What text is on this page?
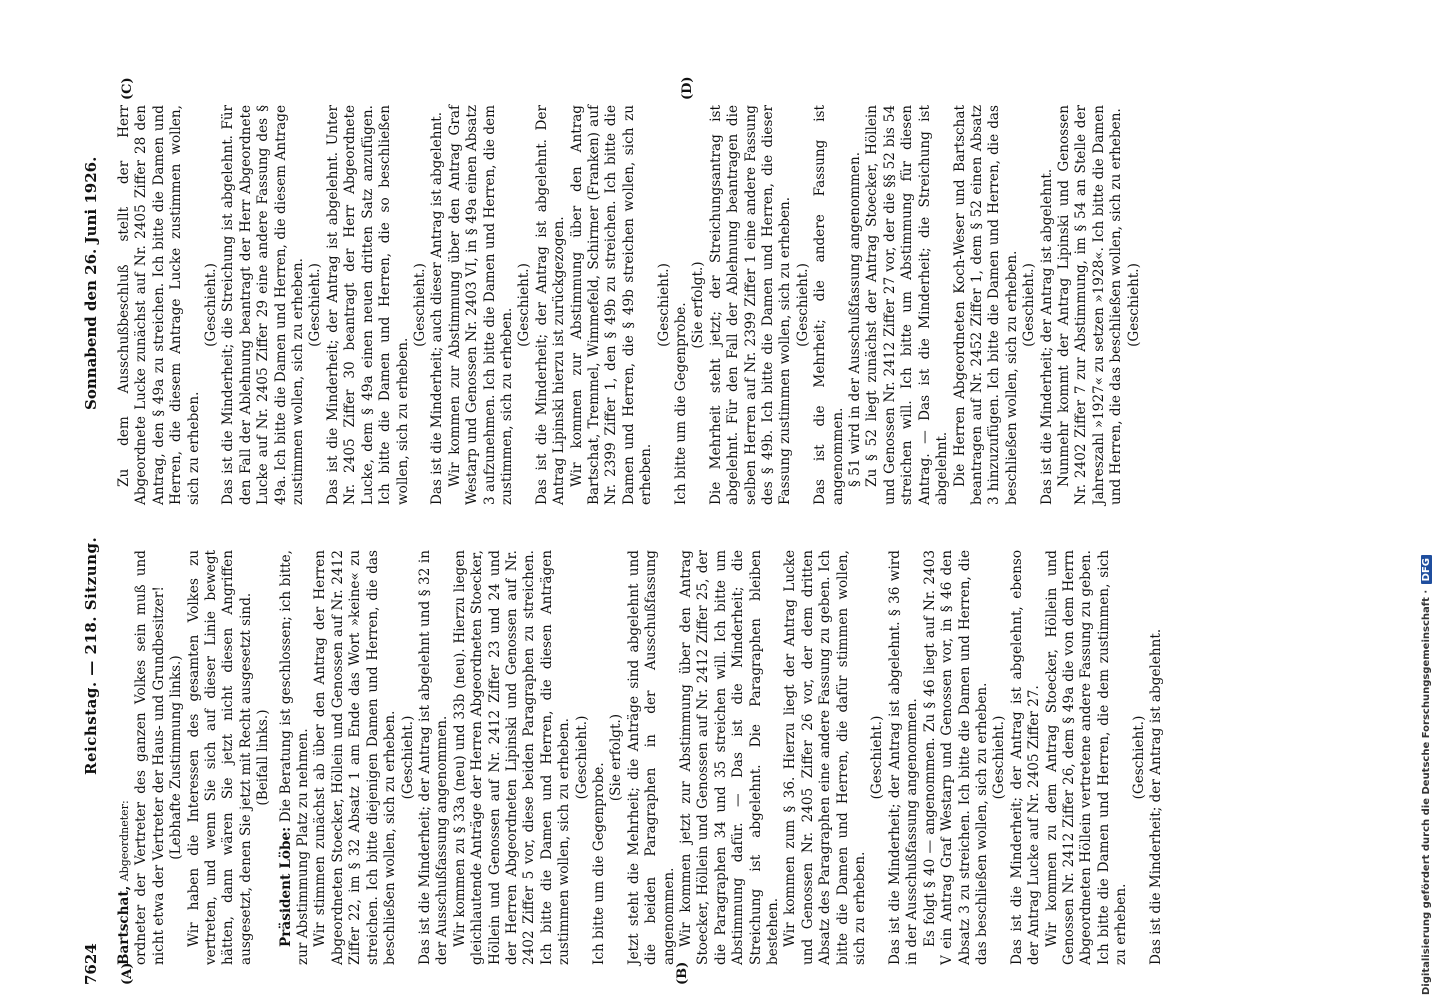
7624
Reichstag. — 218. Sitzung.
Sonnabend den 26. Juni 1926.
(A)	(B)
(C)	(D)

Bartschat, Abgeordneter: ordneter der Vertreter des ganzen Volkes sein muß und nicht etwa der Vertreter der Haus- und Grundbesitzer! (Lebhafte Zustimmung links.) Wir haben die Interessen des gesamten Volkes zu vertreten, und wenn Sie sich auf dieser Linie bewegt hätten, dann wären Sie jetzt nicht diesen Angriffen ausgesetzt, denen Sie jetzt mit Recht ausgesetzt sind. (Beifall links.)

Präsident Löbe: Die Beratung ist geschlossen; ich bitte, zur Abstimmung Platz zu nehmen. Wir stimmen zunächst ab über den Antrag der Herren Abgeordneten Stoecker, Höllein und Genossen auf Nr. 2412 Ziffer 22, im § 32 Absatz 1 am Ende das Wort »keine« zu streichen. Ich bitte diejenigen Damen und Herren, die das beschließen wollen, sich zu erheben. (Geschieht.) Das ist die Minderheit; der Antrag ist abgelehnt und § 32 in der Ausschußfassung angenommen. Wir kommen zu § 33a (neu) und 33b (neu). Hierzu liegen gleichlautende Anträge der Herren Abgeordneten Stoecker, Höllein und Genossen auf Nr. 2412 Ziffer 23 und 24 und der Herren Abgeordneten Lipinski und Genossen auf Nr. 2402 Ziffer 5 vor, diese beiden Paragraphen zu streichen. Ich bitte die Damen und Herren, die diesen Anträgen zustimmen wollen, sich zu erheben. (Geschieht.)

Ich bitte um die Gegenprobe.

(Sie erfolgt.) Jetzt steht die Mehrheit; die Anträge sind abgelehnt und die beiden Paragraphen in der Ausschußfassung angenommen. Wir kommen jetzt zur Abstimmung über den Antrag Stoecker, Höllein und Genossen auf Nr. 2412 Ziffer 25, der die Paragraphen 34 und 35 streichen will. Ich bitte um Abstimmung dafür. — Das ist die Minderheit; die Streichung ist abgelehnt. Die Paragraphen bleiben bestehen. Wir kommen zum § 36. Hierzu liegt der Antrag Lucke und Genossen Nr. 2405 Ziffer 26 vor, der dem dritten Absatz des Paragraphen eine andere Fassung zu geben. Ich bitte die Damen und Herren, die dafür stimmen wollen, sich zu erheben.

(Geschieht.) Das ist die Minderheit; der Antrag ist abgelehnt. § 36 wird in der Ausschußfassung angenommen. Es folgt § 40 — angenommen. Zu § 46 liegt auf Nr. 2403 V ein Antrag Graf Westarp und Genossen vor, in § 46 den Absatz 3 zu streichen. Ich bitte die Damen und Herren, die das beschließen wollen, sich zu erheben. (Geschieht.) Das ist die Minderheit; der Antrag ist abgelehnt, ebenso der Antrag Lucke auf Nr. 2405 Ziffer 27. Wir kommen zu dem Antrag Stoecker, Höllein und Genossen Nr. 2412 Ziffer 26, dem § 49a die von dem Herrn Abgeordneten Höllein vertretene andere Fassung zu geben. Ich bitte die Damen und Herren, die dem zustimmen, sich zu erheben.

(Geschieht.) Das ist die Minderheit; der Antrag ist abgelehnt.

Zu dem Ausschußbeschluß stellt der Herr Abgeordnete Lucke zunächst auf Nr. 2405 Ziffer 28 den Antrag, den § 49a zu streichen. Ich bitte die Damen und Herren, die diesem Antrage Lucke zustimmen wollen, sich zu erheben.

(Geschieht.) Das ist die Minderheit; die Streichung ist abgelehnt. Für den Fall der Ablehnung beantragt der Herr Abgeordnete Lucke auf Nr. 2405 Ziffer 29 eine andere Fassung des § 49a. Ich bitte die Damen und Herren, die diesem Antrage zustimmen wollen, sich zu erheben. (Geschieht.) Das ist die Minderheit; der Antrag ist abgelehnt. Unter Nr. 2405 Ziffer 30 beantragt der Herr Abgeordnete Lucke, dem § 49a einen neuen dritten Satz anzufügen. Ich bitte die Damen und Herren, die so beschließen wollen, sich zu erheben.

(Geschieht.) Das ist die Minderheit; auch dieser Antrag ist abgelehnt. Wir kommen zur Abstimmung über den Antrag Graf Westarp und Genossen Nr. 2403 VI, in § 49a einen Absatz 3 aufzunehmen. Ich bitte die Damen und Herren, die dem zustimmen, sich zu erheben.

(Geschieht.) Das ist die Minderheit; der Antrag ist abgelehnt. Der Antrag Lipinski hierzu ist zurückgezogen. Wir kommen zur Abstimmung über den Antrag Bartschat, Tremmel, Wimmefeld, Schirmer (Franken) auf Nr. 2399 Ziffer 1, den § 49b zu streichen. Ich bitte die Damen und Herren, die § 49b streichen wollen, sich zu erheben.

(Geschieht.) Ich bitte um die Gegenprobe. (Sie erfolgt.) Die Mehrheit steht jetzt; der Streichungsantrag ist abgelehnt. Für den Fall der Ablehnung beantragen die selben Herren auf Nr. 2399 Ziffer 1 eine andere Fassung des § 49b. Ich bitte die Damen und Herren, die dieser Fassung zustimmen wollen, sich zu erheben. (Geschieht.) Das ist die Mehrheit; die andere Fassung ist angenommen. § 51 wird in der Ausschußfassung angenommen. Zu § 52 liegt zunächst der Antrag Stoecker, Höllein und Genossen Nr. 2412 Ziffer 27 vor, der die §§ 52 bis 54 streichen will. Ich bitte um Abstimmung für diesen Antrag. — Das ist die Minderheit; die Streichung ist abgelehnt. Die Herren Abgeordneten Koch-Weser und Bartschat beantragen auf Nr. 2452 Ziffer 1, dem § 52 einen Absatz 3 hinzuzufügen. Ich bitte die Damen und Herren, die das beschließen wollen, sich zu erheben. (Geschieht.) Das ist die Minderheit; der Antrag ist abgelehnt. Nunmehr kommt der Antrag Lipinski und Genossen Nr. 2402 Ziffer 7 zur Abstimmung, im § 54 an Stelle der Jahreszahl »1927« zu setzen »1928«. Ich bitte die Damen und Herren, die das beschließen wollen, sich zu erheben. (Geschieht.)

Digitalisierung gefördert durch die Deutsche Forschungsgemeinschaft · DFG
